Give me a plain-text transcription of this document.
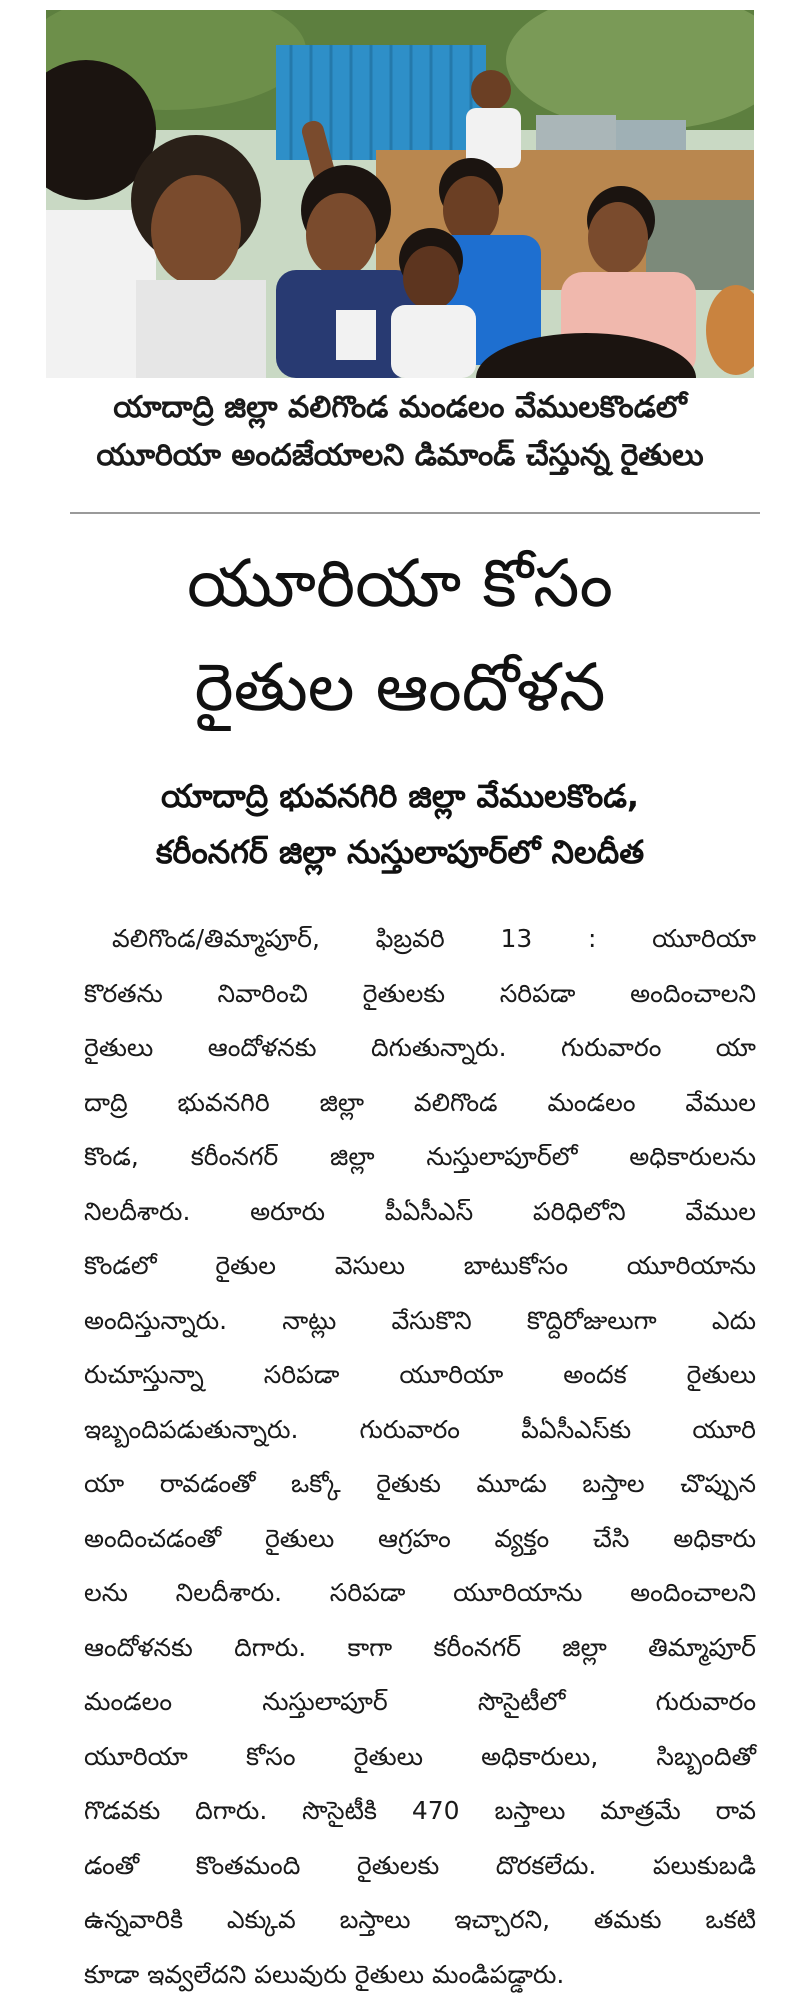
యాదాద్రి జిల్లా వలిగొండ మండలం వేములకొండలో
యూరియా అందజేయాలని డిమాండ్ చేస్తున్న రైతులు
యూరియా కోసం
రైతుల ఆందోళన
యాదాద్రి భువనగిరి జిల్లా వేములకొండ,
కరీంనగర్ జిల్లా నుస్తులాపూర్‌లో నిలదీత
వలిగొండ/తిమ్మాపూర్, ఫిబ్రవరి 13 : యూరియా
కొరతను నివారించి రైతులకు సరిపడా అందించాలని
రైతులు ఆందోళనకు దిగుతున్నారు. గురువారం యా
దాద్రి భువనగిరి జిల్లా వలిగొండ మండలం వేముల
కొండ, కరీంనగర్ జిల్లా నుస్తులాపూర్‌లో అధికారులను
నిలదీశారు. అరూరు పీఏసీఎస్ పరిధిలోని వేముల
కొండలో రైతుల వెసులు బాటుకోసం యూరియాను
అందిస్తున్నారు. నాట్లు వేసుకొని కొద్దిరోజులుగా ఎదు
రుచూస్తున్నా సరిపడా యూరియా అందక రైతులు
ఇబ్బందిపడుతున్నారు. గురువారం పీఏసీఎస్‌కు యూరి
యా రావడంతో ఒక్కో రైతుకు మూడు బస్తాల చొప్పున
అందించడంతో రైతులు ఆగ్రహం వ్యక్తం చేసి అధికారు
లను నిలదీశారు. సరిపడా యూరియాను అందించాలని
ఆందోళనకు దిగారు. కాగా కరీంనగర్ జిల్లా తిమ్మాపూర్
మండలం నుస్తులాపూర్ సొసైటీలో గురువారం
యూరియా కోసం రైతులు అధికారులు, సిబ్బందితో
గొడవకు దిగారు. సొసైటీకి 470 బస్తాలు మాత్రమే రావ
డంతో కొంతమంది రైతులకు దొరకలేదు. పలుకుబడి
ఉన్నవారికి ఎక్కువ బస్తాలు ఇచ్చారని, తమకు ఒకటి
కూడా ఇవ్వలేదని పలువురు రైతులు మండిపడ్డారు.
